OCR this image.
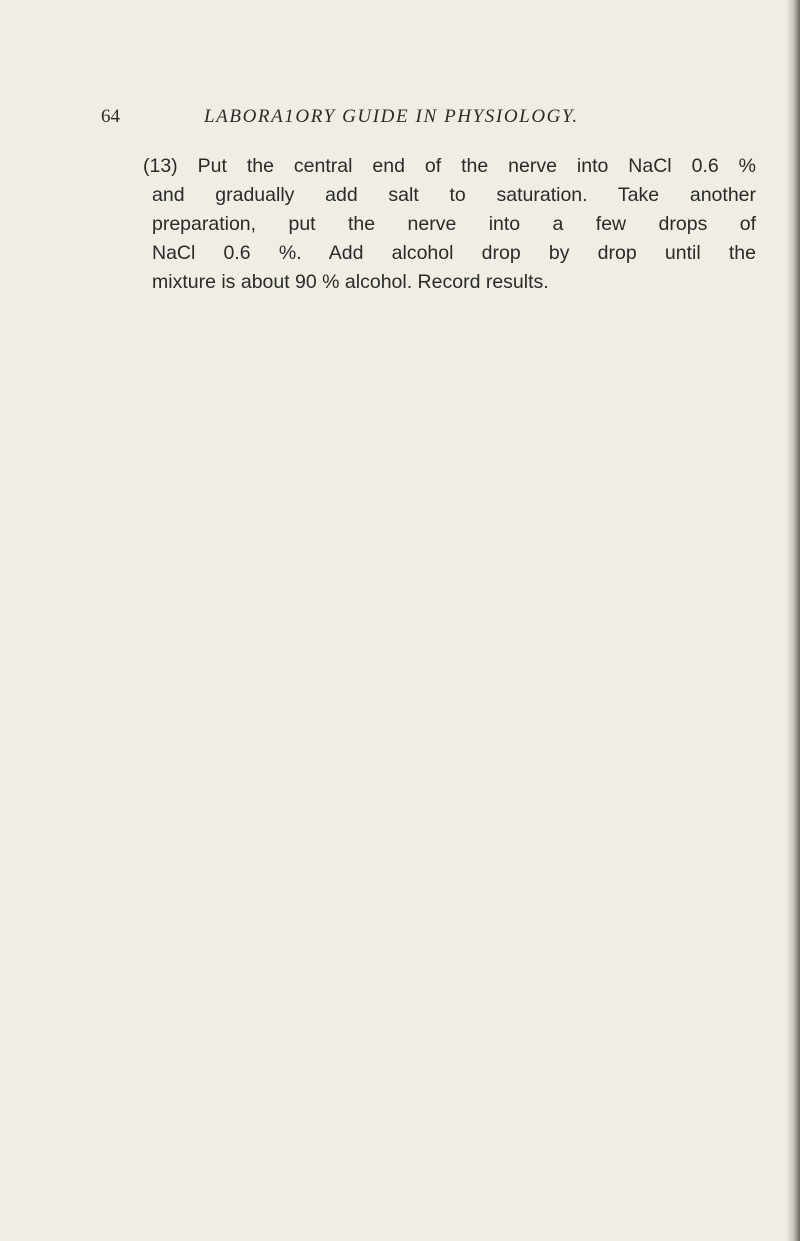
64	LABORA1ORY GUIDE IN PHYSIOLOGY.
(13) Put the central end of the nerve into NaCl 0.6 %
and gradually add salt to saturation. Take another
preparation, put the nerve into a few drops of
NaCl 0.6 %. Add alcohol drop by drop until the
mixture is about 90 % alcohol. Record results.
